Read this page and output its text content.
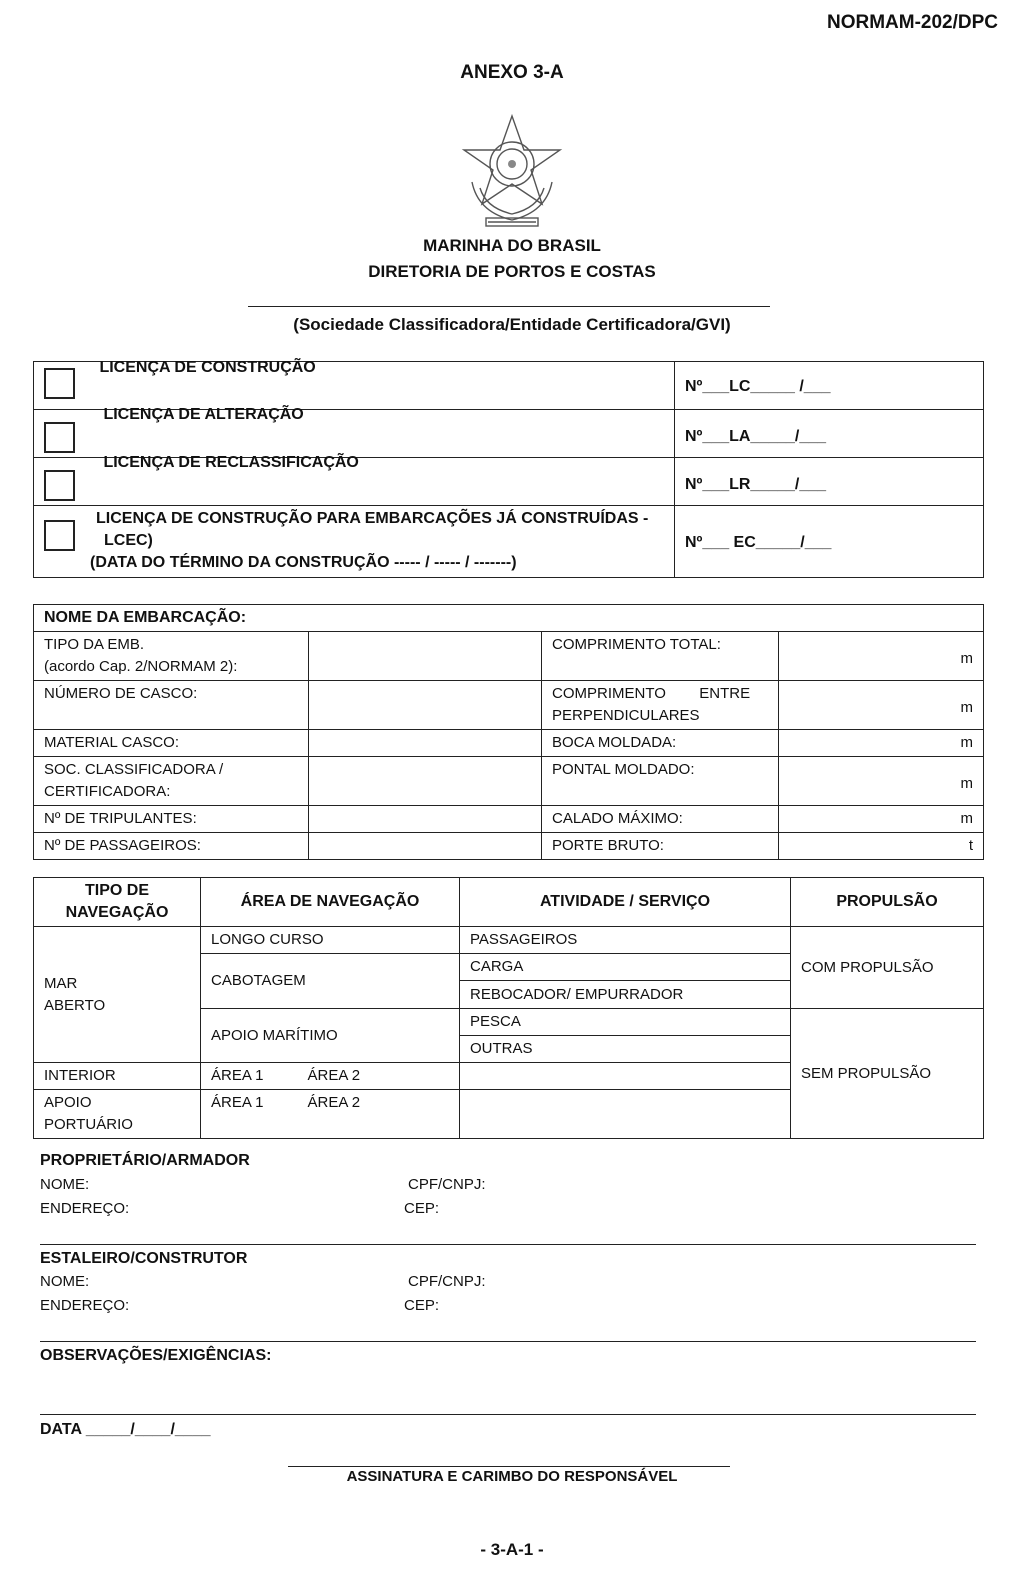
NORMAM-202/DPC
ANEXO 3-A
MARINHA DO BRASIL
DIRETORIA DE PORTOS E COSTAS
(Sociedade Classificadora/Entidade Certificadora/GVI)
LICENÇA DE CONSTRUÇÃO	Nº___LC_____ /___
LICENÇA DE ALTERAÇÃO	Nº___LA_____/___
LICENÇA DE RECLASSIFICAÇÃO	Nº___LR_____/___

LICENÇA DE CONSTRUÇÃO PARA EMBARCAÇÕES JÁ CONSTRUÍDAS -
LCEC)
(DATA DO TÉRMINO DA CONSTRUÇÃO ----- / ----- / -------)	Nº___ EC_____/___
NOME DA EMBARCAÇÃO:			

TIPO DA EMB.
(acordo Cap. 2/NORMAM 2):		COMPRIMENTO TOTAL:	m

NÚMERO DE CASCO:		COMPRIMENTO        ENTRE
PERPENDICULARES	m

MATERIAL CASCO:		BOCA MOLDADA:	m

SOC. CLASSIFICADORA /
CERTIFICADORA:		PONTAL MOLDADO:	m

Nº DE TRIPULANTES:		CALADO MÁXIMO:	m

Nº DE PASSAGEIROS:		PORTE BRUTO:	t
TIPO DE
NAVEGAÇÃO	ÁREA DE NAVEGAÇÃO	ATIVIDADE / SERVIÇO	PROPULSÃO

MAR
ABERTO	LONGO CURSO	PASSAGEIROS	COM PROPULSÃO
	CABOTAGEM	CARGA	
		REBOCADOR/ EMPURRADOR	
	APOIO MARÍTIMO	PESCA	SEM PROPULSÃO
		OUTRAS	
INTERIOR	ÁREA 1 ÁREA 2		

APOIO
PORTUÁRIO	ÁREA 1 ÁREA 2		
PROPRIETÁRIO/ARMADOR
NOME:	CPF/CNPJ:
ENDEREÇO:	CEP:
ESTALEIRO/CONSTRUTOR
NOME:	CPF/CNPJ:
ENDEREÇO:	CEP:
OBSERVAÇÕES/EXIGÊNCIAS:
DATA _____/____/____
ASSINATURA E CARIMBO DO RESPONSÁVEL
- 3-A-1 -
